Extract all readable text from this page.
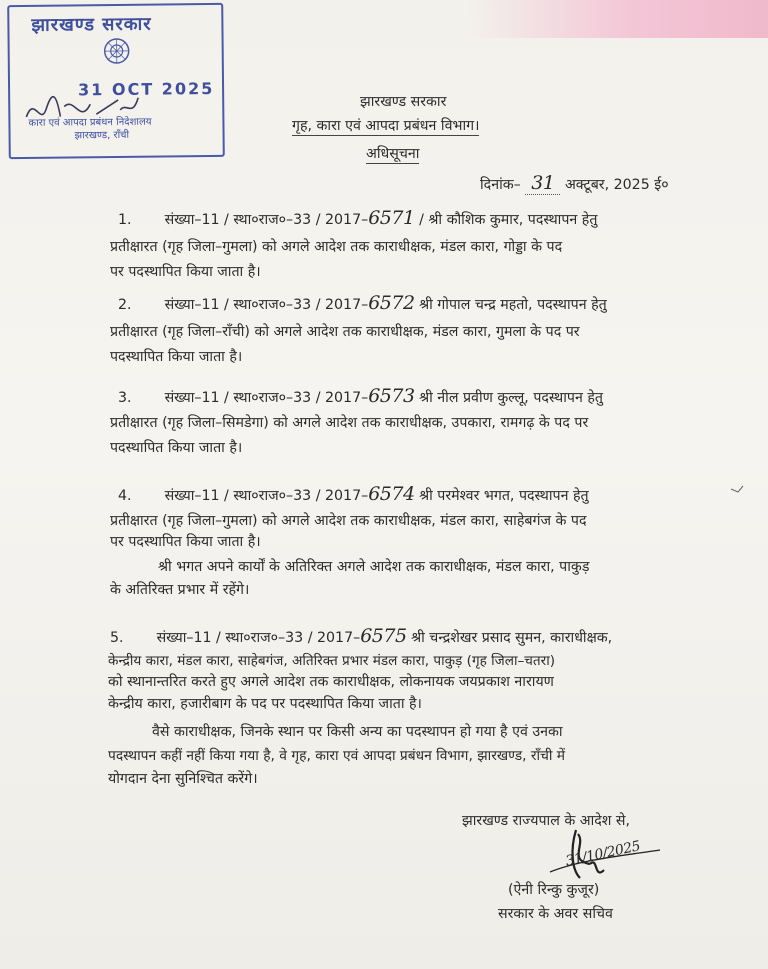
झारखण्ड सरकार
31 OCT 2025
कारा एवं आपदा प्रबंधन निदेशालय
झारखण्ड, राँची
झारखण्ड सरकार
गृह, कारा एवं आपदा प्रबंधन विभाग।
अधिसूचना
दिनांक– 31 अक्टूबर, 2025 ई०
1. संख्या–11 / स्था०राज०–33 / 2017–6571 / श्री कौशिक कुमार, पदस्थापन हेतु
प्रतीक्षारत (गृह जिला–गुमला) को अगले आदेश तक काराधीक्षक, मंडल कारा, गोड्डा के पद
पर पदस्थापित किया जाता है।
2. संख्या–11 / स्था०राज०–33 / 2017–6572 श्री गोपाल चन्द्र महतो, पदस्थापन हेतु
प्रतीक्षारत (गृह जिला–राँची) को अगले आदेश तक काराधीक्षक, मंडल कारा, गुमला के पद पर
पदस्थापित किया जाता है।
3. संख्या–11 / स्था०राज०–33 / 2017–6573 श्री नील प्रवीण कुल्लू, पदस्थापन हेतु
प्रतीक्षारत (गृह जिला–सिमडेगा) को अगले आदेश तक काराधीक्षक, उपकारा, रामगढ़ के पद पर
पदस्थापित किया जाता है।
4. संख्या–11 / स्था०राज०–33 / 2017–6574 श्री परमेश्वर भगत, पदस्थापन हेतु
प्रतीक्षारत (गृह जिला–गुमला) को अगले आदेश तक काराधीक्षक, मंडल कारा, साहेबगंज के पद
पर पदस्थापित किया जाता है।
श्री भगत अपने कार्यों के अतिरिक्त अगले आदेश तक काराधीक्षक, मंडल कारा, पाकुड़
के अतिरिक्त प्रभार में रहेंगे।
5. संख्या–11 / स्था०राज०–33 / 2017–6575 श्री चन्द्रशेखर प्रसाद सुमन, काराधीक्षक,
केन्द्रीय कारा, मंडल कारा, साहेबगंज, अतिरिक्त प्रभार मंडल कारा, पाकुड़ (गृह जिला–चतरा)
को स्थानान्तरित करते हुए अगले आदेश तक काराधीक्षक, लोकनायक जयप्रकाश नारायण
केन्द्रीय कारा, हजारीबाग के पद पर पदस्थापित किया जाता है।
वैसे काराधीक्षक, जिनके स्थान पर किसी अन्य का पदस्थापन हो गया है एवं उनका
पदस्थापन कहीं नहीं किया गया है, वे गृह, कारा एवं आपदा प्रबंधन विभाग, झारखण्ड, राँची में
योगदान देना सुनिश्चित करेंगे।
झारखण्ड राज्यपाल के आदेश से,
31/10/2025
(ऐनी रिन्कु कुजूर)
सरकार के अवर सचिव
